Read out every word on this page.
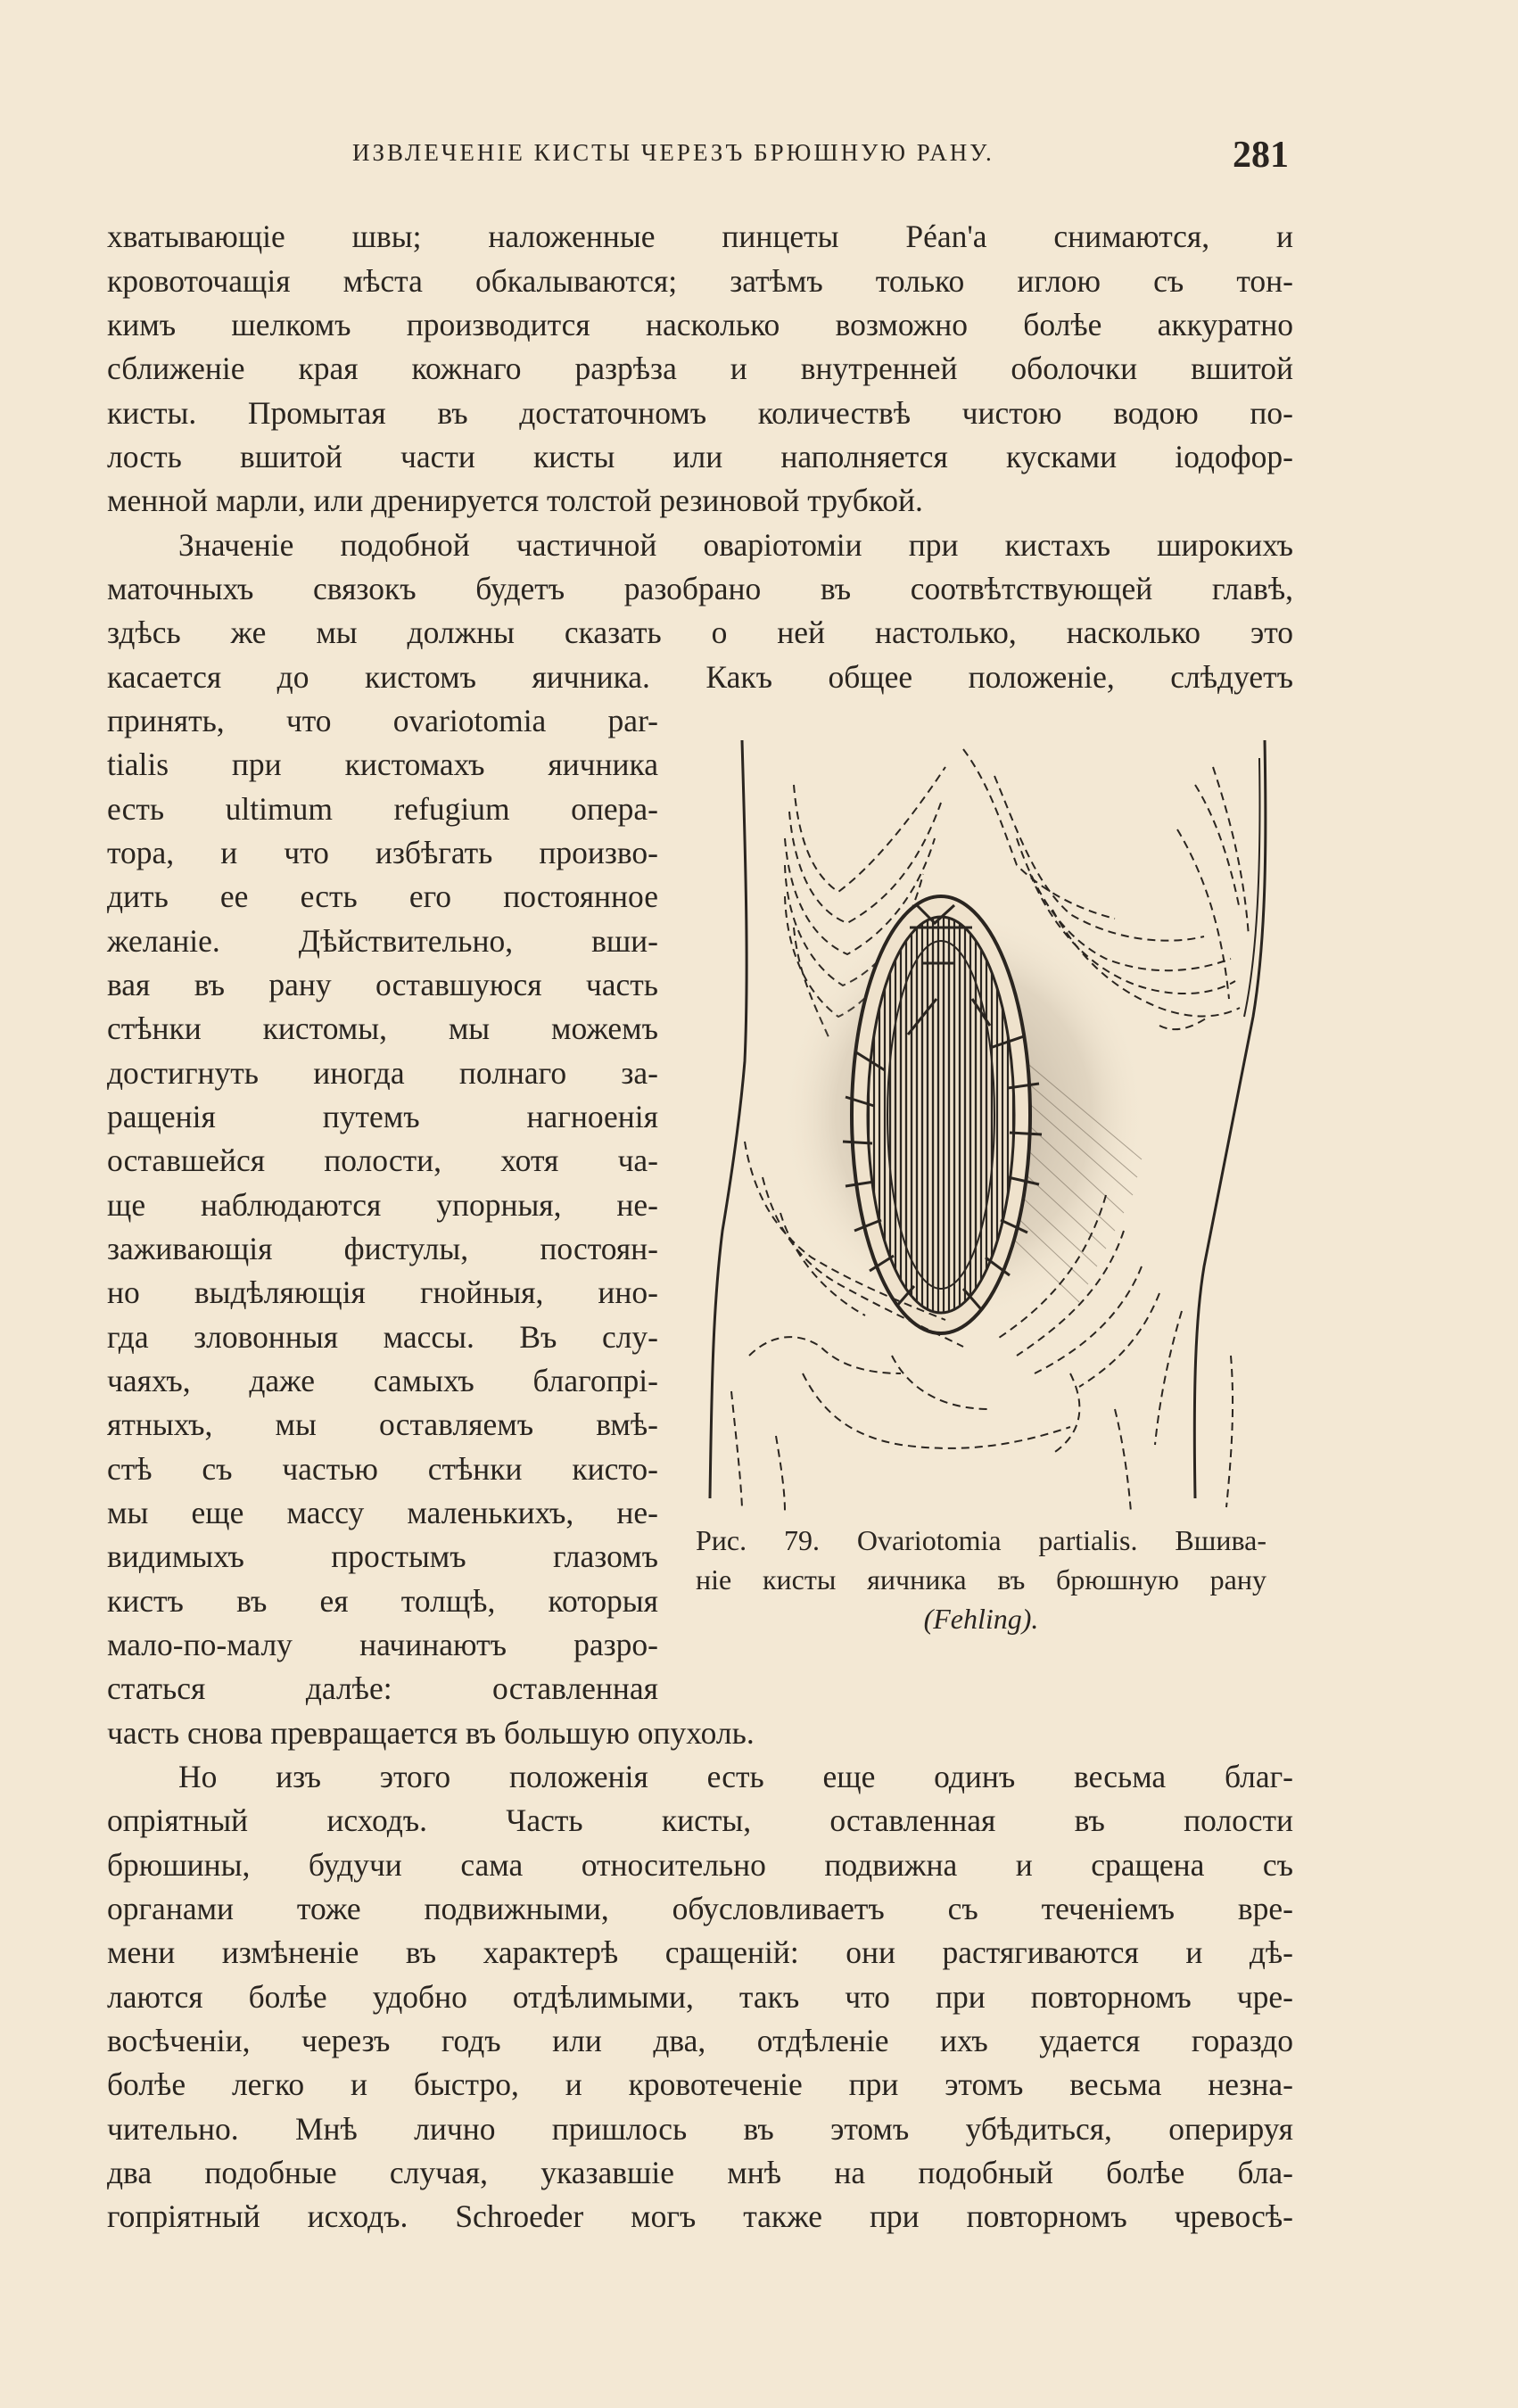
ИЗВЛЕЧЕНІЕ КИСТЫ ЧЕРЕЗЪ БРЮШНУЮ РАНУ.	281
хватывающіе швы; наложенные пинцеты Péan'a снимаются, и
кровоточащія мѣста обкалываются; затѣмъ только иглою съ тон-
кимъ шелкомъ производится насколько возможно болѣе аккуратно
сближеніе края кожнаго разрѣза и внутренней оболочки вшитой
кисты. Промытая въ достаточномъ количествѣ чистою водою по-
лость вшитой части кисты или наполняется кусками іодофор-
менной марли, или дренируется толстой резиновой трубкой.
Значеніе подобной частичной оваріотоміи при кистахъ широкихъ
маточныхъ связокъ будетъ разобрано въ соотвѣтствующей главѣ,
здѣсь же мы должны сказать о ней настолько, насколько это
касается до кистомъ яичника. Какъ общее положеніе, слѣдуетъ
принять, что ovariotomia par-
tialis при кистомахъ яичника
есть ultimum refugium опера-
тора, и что избѣгать произво-
дить ее есть его постоянное
желаніе. Дѣйствительно, вши-
вая въ рану оставшуюся часть
стѣнки кистомы, мы можемъ
достигнуть иногда полнаго за-
ращенія путемъ нагноенія
оставшейся полости, хотя ча-
ще наблюдаются упорныя, не-
заживающія фистулы, постоян-
но выдѣляющія гнойныя, ино-
гда зловонныя массы. Въ слу-
чаяхъ, даже самыхъ благопрі-
ятныхъ, мы оставляемъ вмѣ-
стѣ съ частью стѣнки кисто-
мы еще массу маленькихъ, не-
видимыхъ простымъ глазомъ
кистъ въ ея толщѣ, которыя
мало-по-малу начинаютъ разро-
статься далѣе: оставленная
часть снова превращается въ большую опухоль.
Но изъ этого положенія есть еще одинъ весьма благ-
опріятный исходъ. Часть кисты, оставленная въ полости
брюшины, будучи сама относительно подвижна и сращена съ
органами тоже подвижными, обусловливаетъ съ теченіемъ вре-
мени измѣненіе въ характерѣ сращеній: они растягиваются и дѣ-
лаются болѣе удобно отдѣлимыми, такъ что при повторномъ чре-
восѣченіи, черезъ годъ или два, отдѣленіе ихъ удается гораздо
болѣе легко и быстро, и кровотеченіе при этомъ весьма незна-
чительно. Мнѣ лично пришлось въ этомъ убѣдиться, оперируя
два подобные случая, указавшіе мнѣ на подобный болѣе бла-
гопріятный исходъ. Schroeder могъ также при повторномъ чревосѣ-
Рис. 79. Ovariotomia partialis. Вшива-
ніе кисты яичника въ брюшную рану
(Fehling).
